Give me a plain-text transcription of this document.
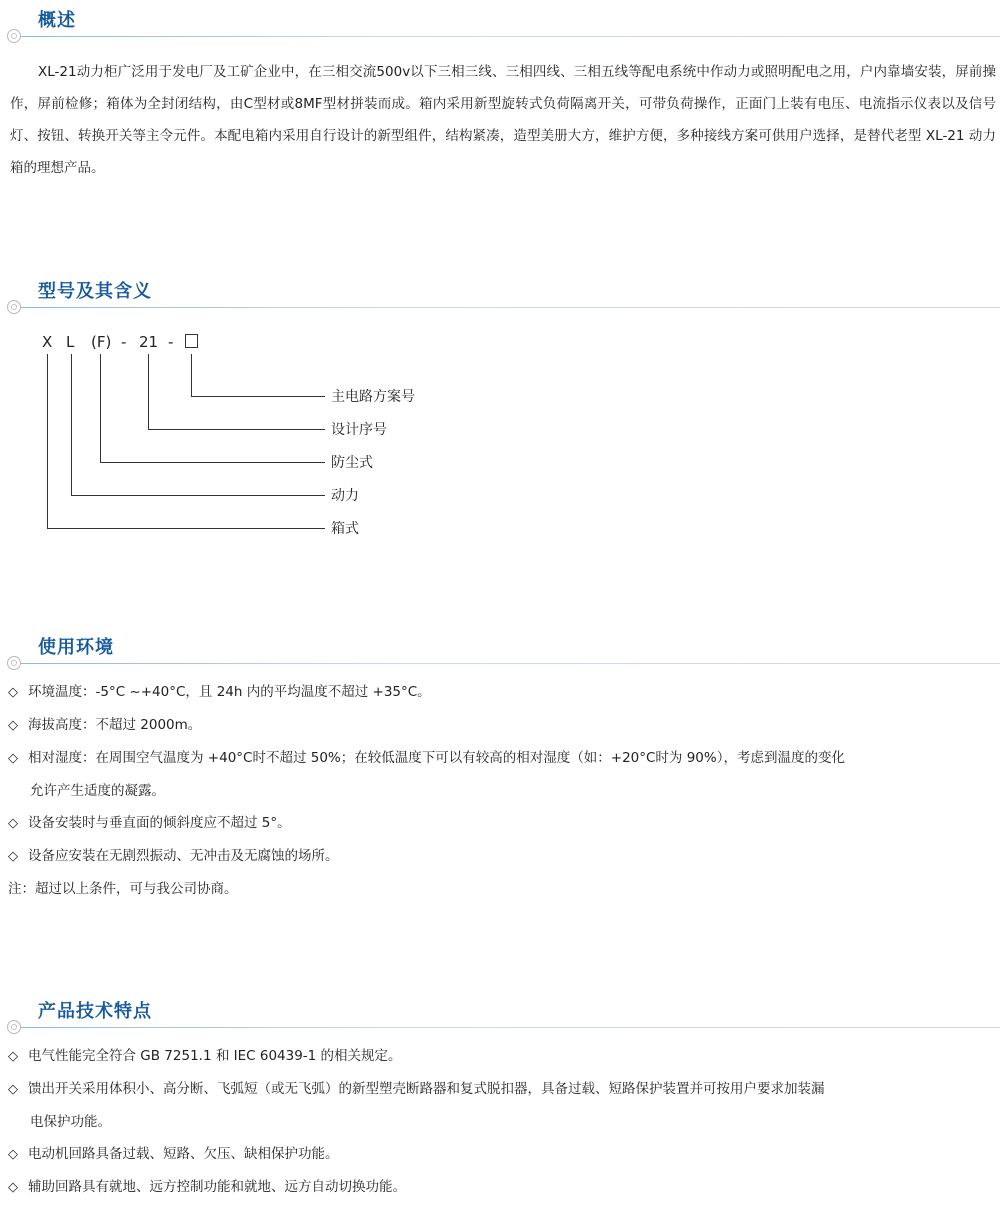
概述

XL-21动力柜广泛用于发电厂及工矿企业中，在三相交流500v以下三相三线、三相四线、三相五线等配电系统中作动力或照明配电之用，户内靠墙安装，屏前操作，屏前检修；箱体为全封闭结构，由C型材或8MF型材拼装而成。箱内采用新型旋转式负荷隔离开关，可带负荷操作，正面门上装有电压、电流指示仪表以及信号灯、按钮、转换开关等主令元件。本配电箱内采用自行设计的新型组件，结构紧凑，造型美册大方，维护方便，多种接线方案可供用户选择，是替代老型 XL-21 动力箱的理想产品。

型号及其含义
X L (F) - 21 -
主电路方案号
设计序号
防尘式
动力
箱式
使用环境
◇ 环境温度：-5°C ~+40°C，且 24h 内的平均温度不超过 +35°C。
◇ 海拔高度：不超过 2000m。
◇ 相对湿度：在周围空气温度为 +40°C时不超过 50%；在较低温度下可以有较高的相对湿度（如：+20°C时为 90%），考虑到温度的变化
允许产生适度的凝露。
◇ 设备安装时与垂直面的倾斜度应不超过 5°。
◇ 设备应安装在无剧烈振动、无冲击及无腐蚀的场所。
注：超过以上条件，可与我公司协商。
产品技术特点
◇ 电气性能完全符合 GB 7251.1 和 IEC 60439-1 的相关规定。
◇ 馈出开关采用体积小、高分断、飞弧短（或无飞弧）的新型塑壳断路器和复式脱扣器，具备过载、短路保护装置并可按用户要求加装漏
电保护功能。
◇ 电动机回路具备过载、短路、欠压、缺相保护功能。
◇ 辅助回路具有就地、远方控制功能和就地、远方自动切换功能。
